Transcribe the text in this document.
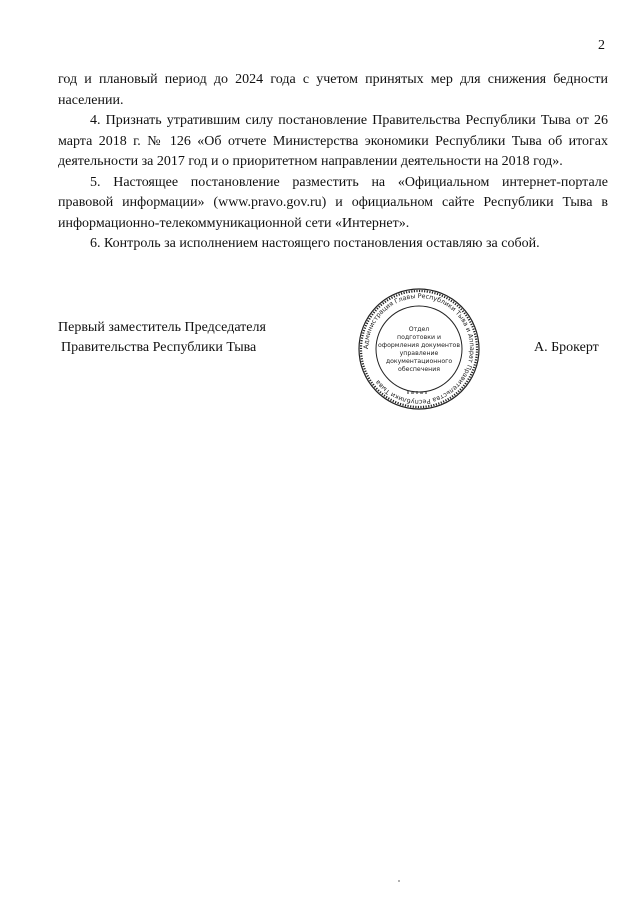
2

год и плановый период до 2024 года с учетом принятых мер для снижения бедности населении.

4. Признать утратившим силу постановление Правительства Республики Тыва от 26 марта 2018 г. № 126 «Об отчете Министерства экономики Республики Тыва об итогах деятельности за 2017 год и о приоритетном направлении деятельности на 2018 год».

5. Настоящее постановление разместить на «Официальном интернет-портале правовой информации» (www.pravo.gov.ru) и официальном сайте Республики Тыва в информационно-телекоммуникационной сети «Интернет».

6. Контроль за исполнением настоящего постановления оставляю за собой.

Первый заместитель Председателя
Правительства Республики Тыва	А. Брокерт
Администрация Главы Республики Тыва и Аппарат Правительства Республики Тыва
Отдел
подготовки и
оформления документов
управление
документационного
обеспечения
